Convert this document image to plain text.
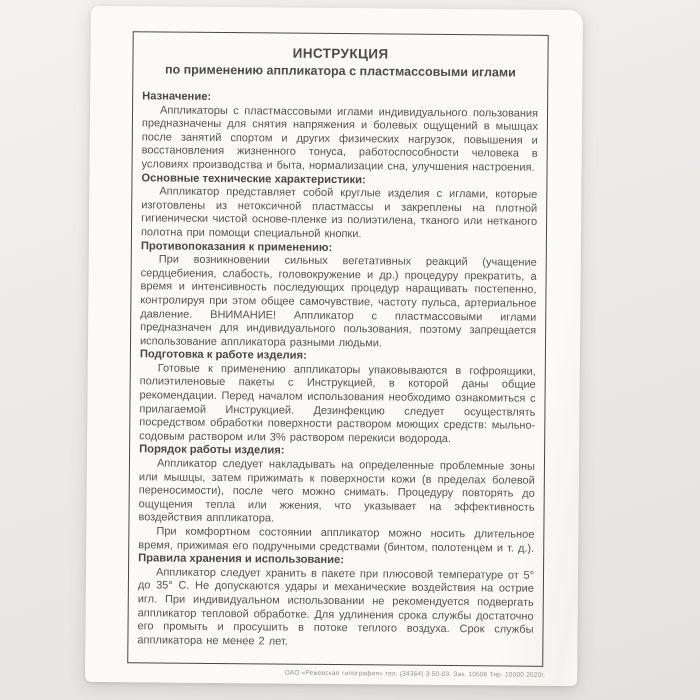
ИНСТРУКЦИЯ
по применению аппликатора с пластмассовыми иглами

Назначение:

Аппликаторы с пластмассовыми иглами индивидуального пользования предназначены для снятия напряжения и болевых ощущений в мышцах после занятий спортом и других физических нагрузок, повышения и восстановления жизненного тонуса, работоспособности человека в условиях производства и быта, нормализации сна, улучшения настроения.

Основные технические характеристики:

Аппликатор представляет собой круглые изделия с иглами, которые изготовлены из нетоксичной пластмассы и закреплены на плотной гигиенически чистой основе-пленке из полиэтилена, тканого или нетканого полотна при помощи специальной кнопки.

Противопоказания к применению:

При возникновении сильных вегетативных реакций (учащение сердцебиения, слабость, головокружение и др.) процедуру прекратить, а время и интенсивность последующих процедур наращивать постепенно, контролируя при этом общее самочувствие, частоту пульса, артериальное давление. ВНИМАНИЕ! Аппликатор с пластмассовыми иглами предназначен для индивидуального пользования, поэтому запрещается использование аппликатора разными людьми.

Подготовка к работе изделия:

Готовые к применению аппликаторы упаковываются в гофроящики, полиэтиленовые пакеты с Инструкцией, в которой даны общие рекомендации. Перед началом использования необходимо ознакомиться с прилагаемой Инструкцией. Дезинфекцию следует осуществлять посредством обработки поверхности раствором моющих средств: мыльно-содовым раствором или 3% раствором перекиси водорода.

Порядок работы изделия:

Аппликатор следует накладывать на определенные проблемные зоны или мышцы, затем прижимать к поверхности кожи (в пределах болевой переносимости), после чего можно снимать. Процедуру повторять до ощущения тепла или жжения, что указывает на эффективность воздействия аппликатора.

При комфортном состоянии аппликатор можно носить длительное время, прижимая его подручными средствами (бинтом, полотенцем и т. д.).

Правила хранения и использование:

Аппликатор следует хранить в пакете при плюсовой температуре от 5° до 35° С. Не допускаются удары и механические воздействия на острие игл. При индивидуальном использовании не рекомендуется подвергать аппликатор тепловой обработке. Для удлинения срока службы достаточно его промыть и просушить в потоке теплого воздуха. Срок службы аппликатора не менее 2 лет.

ОАО «Режевская типография» тел. (34364) 3-50-03. Зак. 10506 Тир. 10000 2020г.
